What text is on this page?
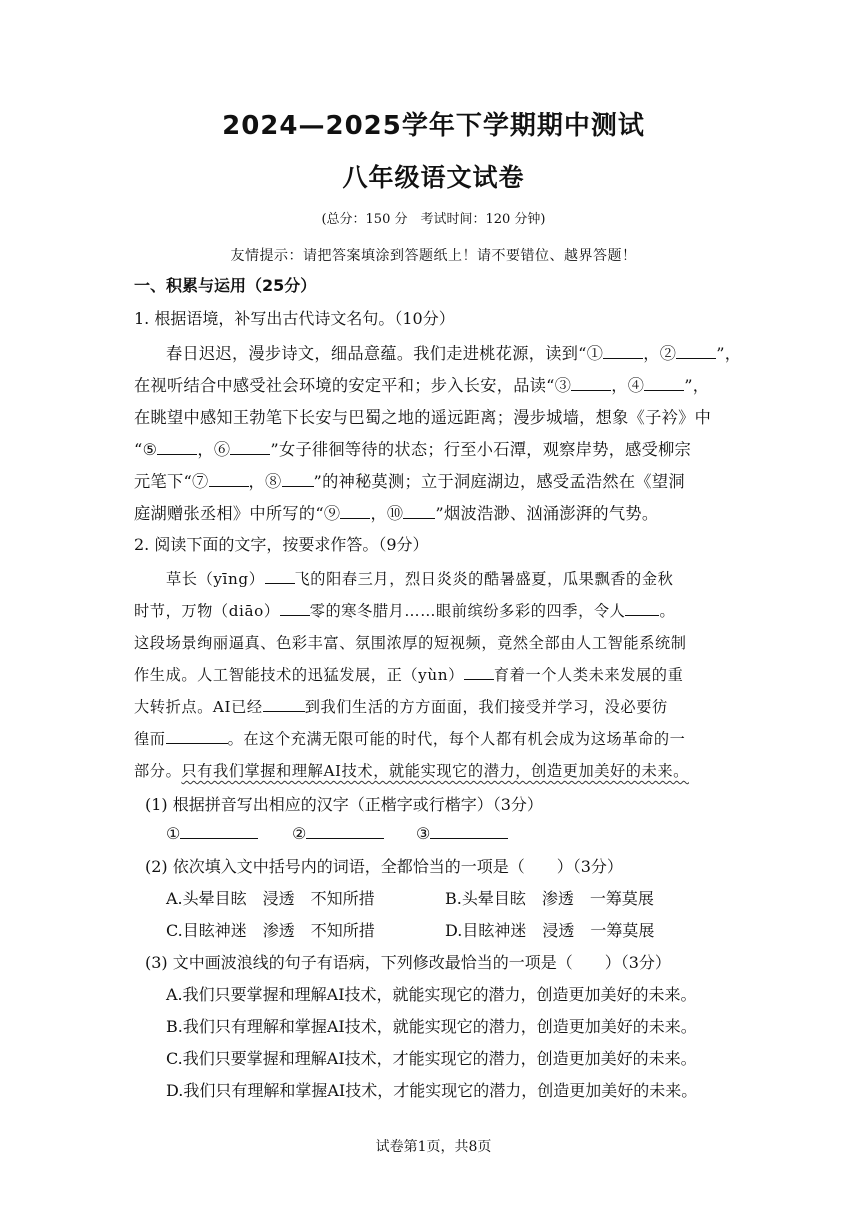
2024—2025学年下学期期中测试
八年级语文试卷
(总分：150 分　考试时间：120 分钟)
友情提示：请把答案填涂到答题纸上！请不要错位、越界答题！
一、积累与运用（25分）
1. 根据语境，补写出古代诗文名句。（10分）
春日迟迟，漫步诗文，细品意蕴。我们走进桃花源，读到“① ，② ”，
在视听结合中感受社会环境的安定平和；步入长安，品读“③ ，④ ”，
在眺望中感知王勃笔下长安与巴蜀之地的遥远距离；漫步城墙，想象《子衿》中
“⑤ ，⑥ ”女子徘徊等待的状态；行至小石潭，观察岸势，感受柳宗
元笔下“⑦ ，⑧ ”的神秘莫测；立于洞庭湖边，感受孟浩然在《望洞
庭湖赠张丞相》中所写的“⑨ ，⑩ ”烟波浩渺、汹涌澎湃的气势。
2. 阅读下面的文字，按要求作答。（9分）
草长（yīng） 飞的阳春三月，烈日炎炎的酷暑盛夏，瓜果飘香的金秋
时节，万物（diāo） 零的寒冬腊月……眼前缤纷多彩的四季，令人 。
这段场景绚丽逼真、色彩丰富、氛围浓厚的短视频，竟然全部由人工智能系统制
作生成。人工智能技术的迅猛发展，正（yùn） 育着一个人类未来发展的重
大转折点。AI已经	到我们生活的方方面面，我们接受并学习，没必要彷
徨而	。在这个充满无限可能的时代，每个人都有机会成为这场革命的一
部分。只有我们掌握和理解AI技术，就能实现它的潜力，创造更加美好的未来。
(1) 根据拼音写出相应的汉字（正楷字或行楷字）（3分）
①	②	③
(2) 依次填入文中括号内的词语，全都恰当的一项是（　　）（3分）
A.头晕目眩　浸透　不知所措	B.头晕目眩　渗透　一筹莫展
C.目眩神迷　渗透　不知所措	D.目眩神迷　浸透　一筹莫展
(3) 文中画波浪线的句子有语病，下列修改最恰当的一项是（　　）（3分）
A.我们只要掌握和理解AI技术，就能实现它的潜力，创造更加美好的未来。
B.我们只有理解和掌握AI技术，就能实现它的潜力，创造更加美好的未来。
C.我们只要掌握和理解AI技术，才能实现它的潜力，创造更加美好的未来。
D.我们只有理解和掌握AI技术，才能实现它的潜力，创造更加美好的未来。
试卷第1页，共8页
